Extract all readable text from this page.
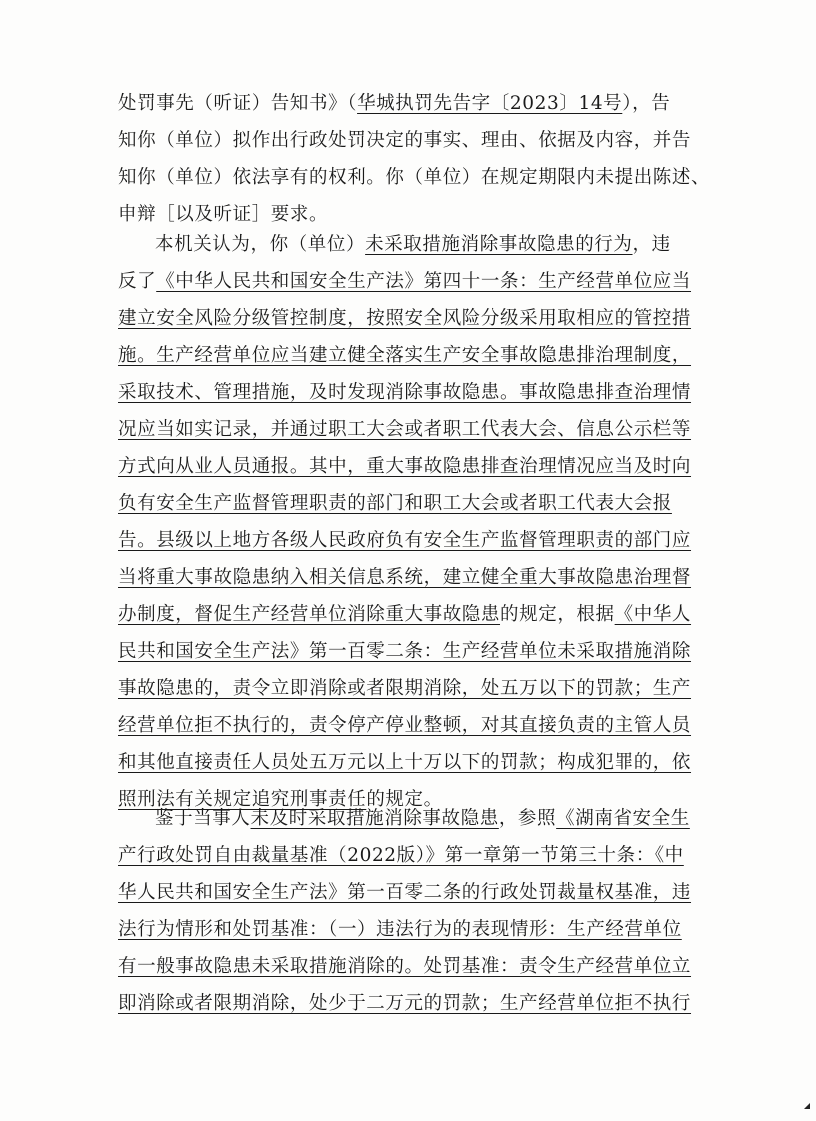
处罚事先（听证）告知书》（华城执罚先告字〔2023〕14号），告
知你（单位）拟作出行政处罚决定的事实、理由、依据及内容，并告
知你（单位）依法享有的权利。你（单位）在规定期限内未提出陈述、
申辩［以及听证］要求。
本机关认为，你（单位）未采取措施消除事故隐患的行为，违
反了《中华人民共和国安全生产法》第四十一条：生产经营单位应当
建立安全风险分级管控制度，按照安全风险分级采用取相应的管控措
施。生产经营单位应当建立健全落实生产安全事故隐患排治理制度，
采取技术、管理措施，及时发现消除事故隐患。事故隐患排查治理情
况应当如实记录，并通过职工大会或者职工代表大会、信息公示栏等
方式向从业人员通报。其中，重大事故隐患排查治理情况应当及时向
负有安全生产监督管理职责的部门和职工大会或者职工代表大会报
告。县级以上地方各级人民政府负有安全生产监督管理职责的部门应
当将重大事故隐患纳入相关信息系统，建立健全重大事故隐患治理督
办制度，督促生产经营单位消除重大事故隐患的规定，根据《中华人
民共和国安全生产法》第一百零二条：生产经营单位未采取措施消除
事故隐患的，责令立即消除或者限期消除，处五万以下的罚款；生产
经营单位拒不执行的，责令停产停业整顿，对其直接负责的主管人员
和其他直接责任人员处五万元以上十万以下的罚款；构成犯罪的，依
照刑法有关规定追究刑事责任的规定。
鉴于当事人未及时采取措施消除事故隐患，参照《湖南省安全生
产行政处罚自由裁量基准（2022版）》第一章第一节第三十条：《中
华人民共和国安全生产法》第一百零二条的行政处罚裁量权基准，违
法行为情形和处罚基准：（一）违法行为的表现情形：生产经营单位
有一般事故隐患未采取措施消除的。处罚基准：责令生产经营单位立
即消除或者限期消除，处少于二万元的罚款；生产经营单位拒不执行
